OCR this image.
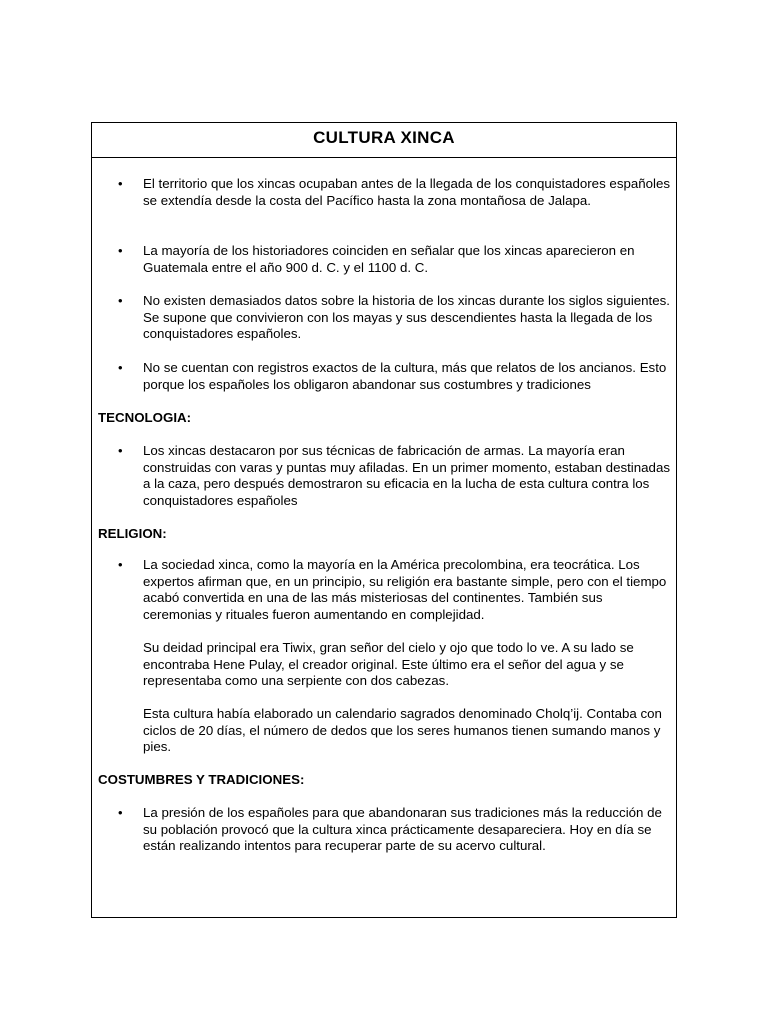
CULTURA XINCA
• El territorio que los xincas ocupaban antes de la llegada de los conquistadores españoles se extendía desde la costa del Pacífico hasta la zona montañosa de Jalapa.

• La mayoría de los historiadores coinciden en señalar que los xincas aparecieron en Guatemala entre el año 900 d. C. y el 1100 d. C.

• No existen demasiados datos sobre la historia de los xincas durante los siglos siguientes. Se supone que convivieron con los mayas y sus descendientes hasta la llegada de los conquistadores españoles.

• No se cuentan con registros exactos de la cultura, más que relatos de los ancianos. Esto porque los españoles los obligaron abandonar sus costumbres y tradiciones

TECNOLOGIA:
• Los xincas destacaron por sus técnicas de fabricación de armas. La mayoría eran construidas con varas y puntas muy afiladas. En un primer momento, estaban destinadas a la caza, pero después demostraron su eficacia en la lucha de esta cultura contra los conquistadores españoles

RELIGION:
• La sociedad xinca, como la mayoría en la América precolombina, era teocrática. Los expertos afirman que, en un principio, su religión era bastante simple, pero con el tiempo acabó convertida en una de las más misteriosas del continentes. También sus ceremonias y rituales fueron aumentando en complejidad.

Su deidad principal era Tiwix, gran señor del cielo y ojo que todo lo ve. A su lado se encontraba Hene Pulay, el creador original. Este último era el señor del agua y se representaba como una serpiente con dos cabezas.

Esta cultura había elaborado un calendario sagrados denominado Cholq’ij. Contaba con ciclos de 20 días, el número de dedos que los seres humanos tienen sumando manos y pies.

COSTUMBRES Y TRADICIONES:
• La presión de los españoles para que abandonaran sus tradiciones más la reducción de su población provocó que la cultura xinca prácticamente desapareciera. Hoy en día se están realizando intentos para recuperar parte de su acervo cultural.
